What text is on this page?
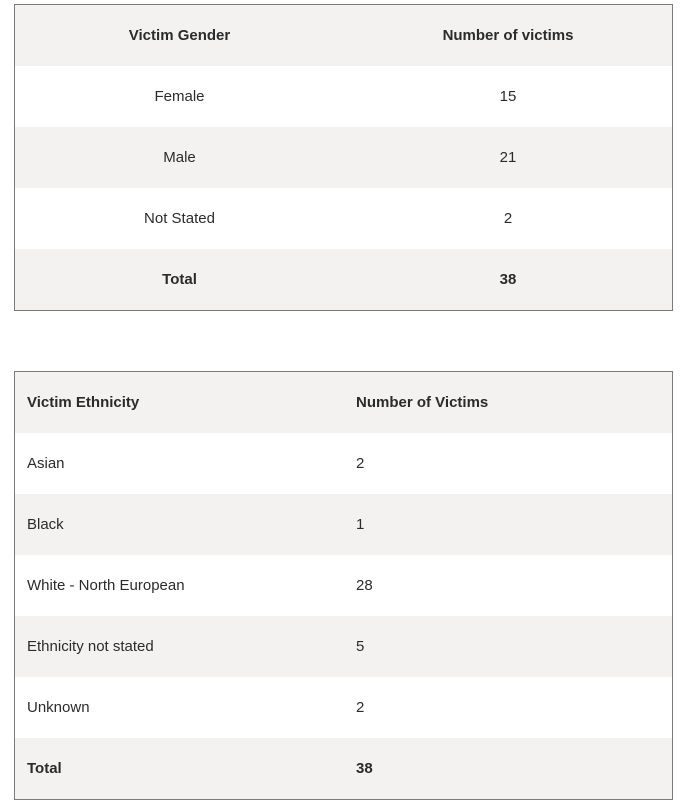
Victim Gender	Number of victims
Female	15
Male	21
Not Stated	2
Total	38
Victim Ethnicity	Number of Victims
Asian	2
Black	1
White - North European	28
Ethnicity not stated	5
Unknown	2
Total	38
